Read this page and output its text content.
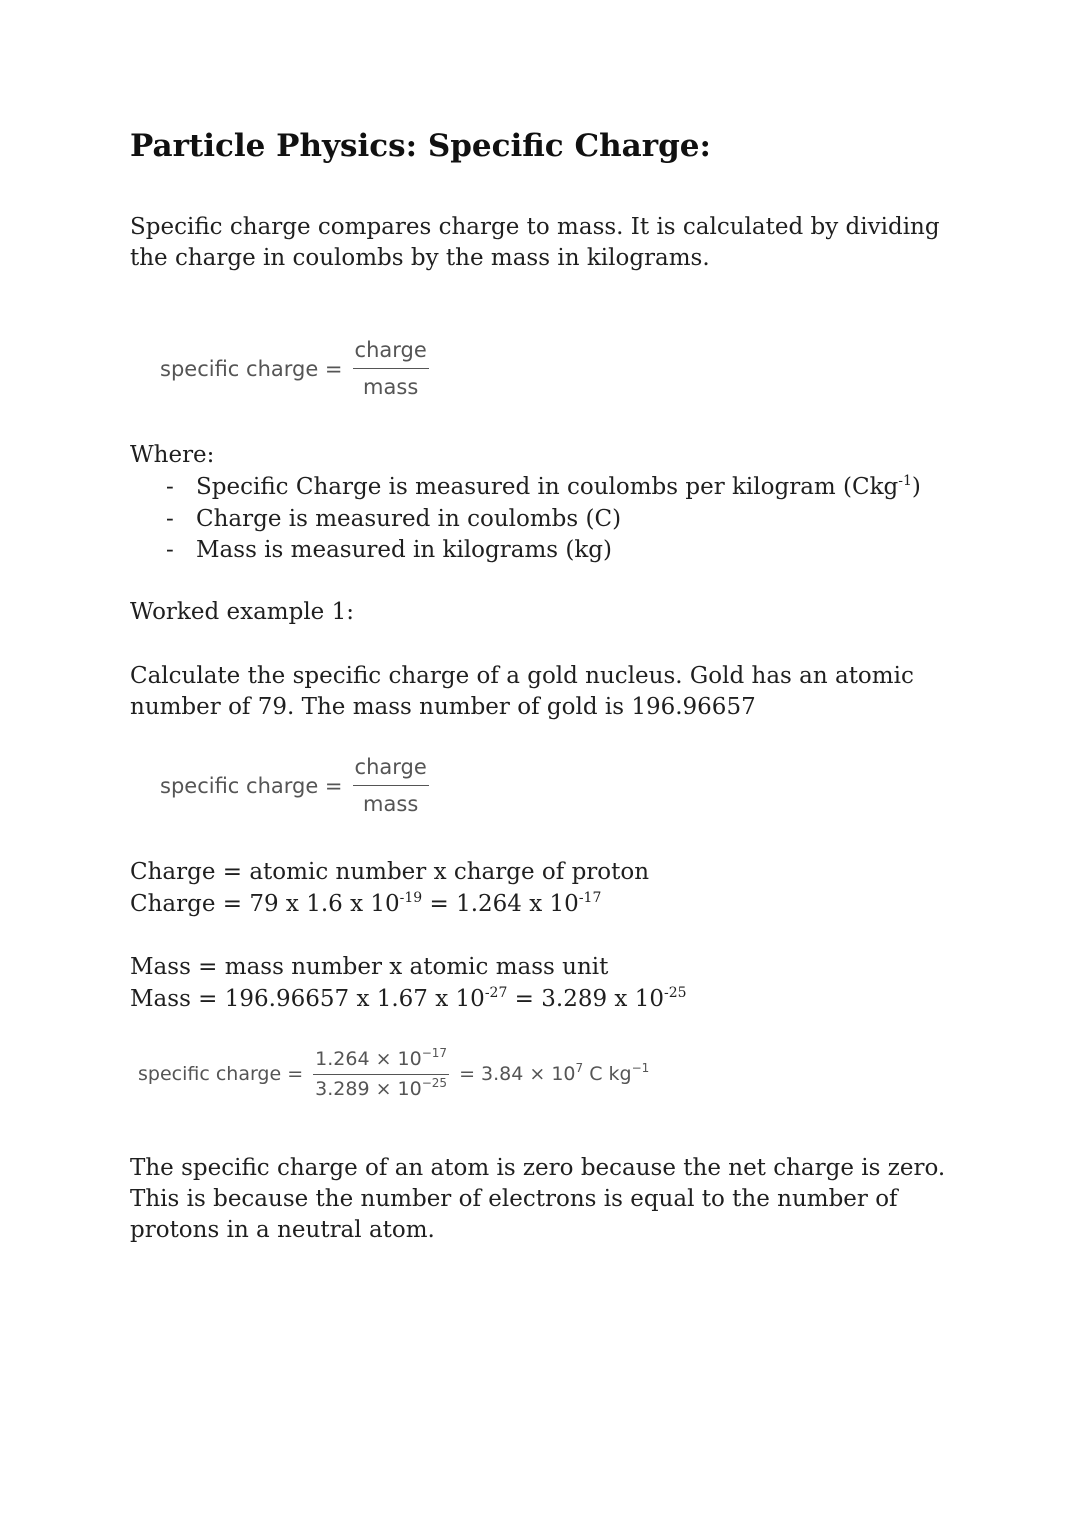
Particle Physics: Specific Charge:
Specific charge compares charge to mass. It is calculated by dividing the charge in coulombs by the mass in kilograms.
specific charge = $\frac{\text{charge}}{\text{mass}}$
Where:
- Specific Charge is measured in coulombs per kilogram (Ckg$^{-1}$)
- Charge is measured in coulombs (C)
- Mass is measured in kilograms (kg)
Worked example 1:
Calculate the specific charge of a gold nucleus. Gold has an atomic number of 79. The mass number of gold is 196.96657
specific charge = $\frac{\text{charge}}{\text{mass}}$
Charge = atomic number x charge of proton
Charge = 79 x 1.6 x $10^{-19} = 1.264$ x $10^{-17}$
Mass = mass number x atomic mass unit
Mass = 196.96657 x 1.67 x $10^{-27} = 3.289$ x $10^{-25}$
specific charge = $\frac{1.264 \times 10^{-17}}{3.289 \times 10^{-25}} = 3.84 \times 10^7$ C $kg^{-1}$
The specific charge of an atom is zero because the net charge is zero. This is because the number of electrons is equal to the number of protons in a neutral atom.
